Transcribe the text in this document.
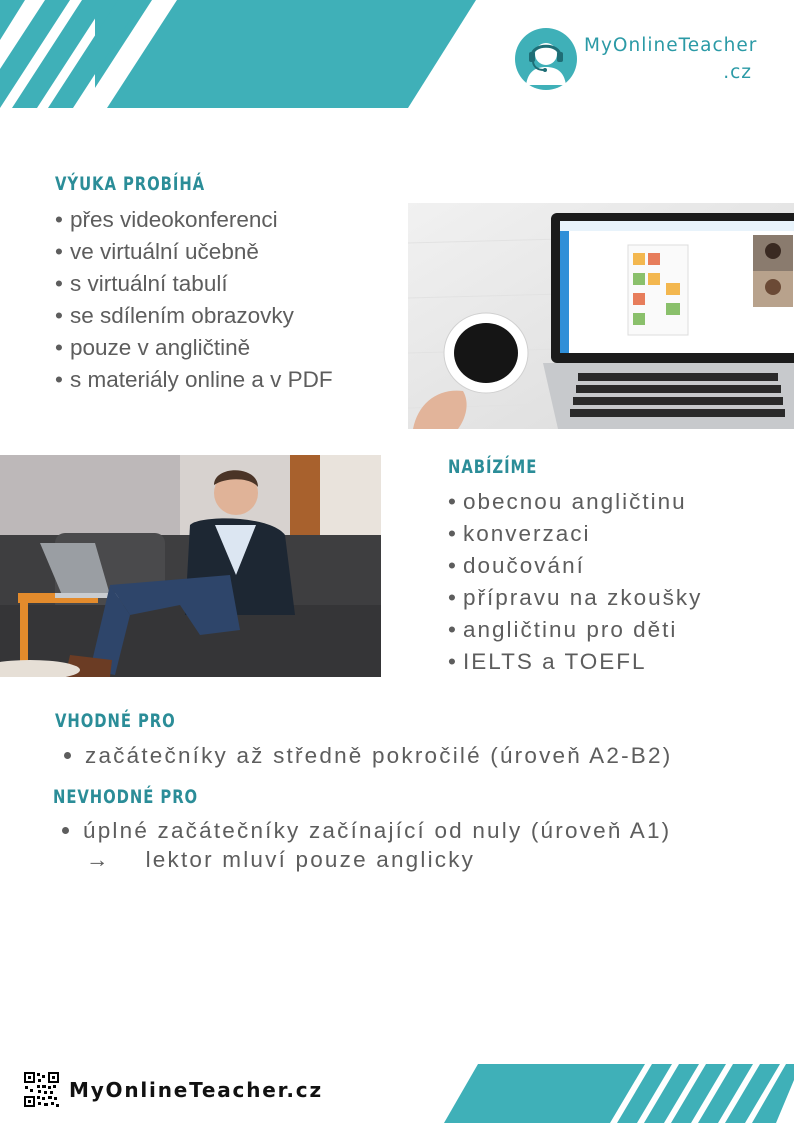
MyOnlineTeacher
.cz
VÝUKA PROBÍHÁ
• přes videokonferenci
• ve virtuální učebně
• s virtuální tabulí
• se sdílením obrazovky
• pouze v angličtině
• s materiály online a v PDF
NABÍZÍME
• obecnou angličtinu
• konverzaci
• doučování
• přípravu na zkoušky
• angličtinu pro děti
• IELTS a TOEFL
VHODNÉ PRO
začátečníky až středně pokročilé (úroveň A2-B2)
NEVHODNÉ PRO
úplné začátečníky začínající od nuly (úroveň A1)
→ lektor mluví pouze anglicky
MyOnlineTeacher.cz
